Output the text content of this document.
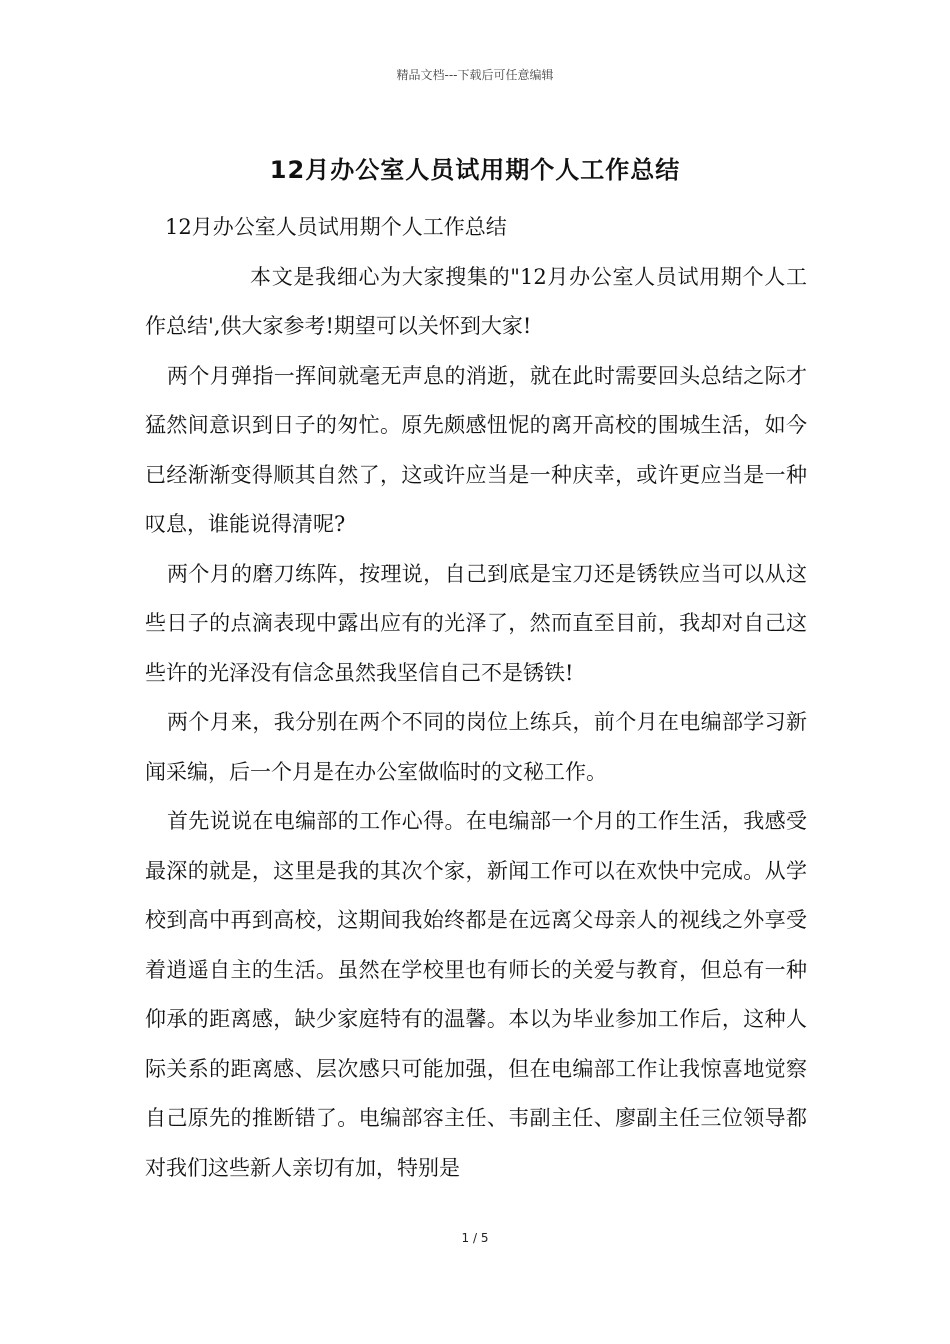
精品文档---下载后可任意编辑
12月办公室人员试用期个人工作总结

12月办公室人员试用期个人工作总结

本文是我细心为大家搜集的"12月办公室人员试用期个人工作总结',供大家参考!期望可以关怀到大家!

两个月弹指一挥间就毫无声息的消逝，就在此时需要回头总结之际才猛然间意识到日子的匆忙。原先颇感忸怩的离开高校的围城生活，如今已经渐渐变得顺其自然了，这或许应当是一种庆幸，或许更应当是一种叹息，谁能说得清呢?

两个月的磨刀练阵，按理说，自己到底是宝刀还是锈铁应当可以从这些日子的点滴表现中露出应有的光泽了，然而直至目前，我却对自己这些许的光泽没有信念虽然我坚信自己不是锈铁!

两个月来，我分别在两个不同的岗位上练兵，前个月在电编部学习新闻采编，后一个月是在办公室做临时的文秘工作。

首先说说在电编部的工作心得。在电编部一个月的工作生活，我感受最深的就是，这里是我的其次个家，新闻工作可以在欢快中完成。从学校到高中再到高校，这期间我始终都是在远离父母亲人的视线之外享受着逍遥自主的生活。虽然在学校里也有师长的关爱与教育，但总有一种仰承的距离感，缺少家庭特有的温馨。本以为毕业参加工作后，这种人际关系的距离感、层次感只可能加强，但在电编部工作让我惊喜地觉察自己原先的推断错了。电编部容主任、韦副主任、廖副主任三位领导都对我们这些新人亲切有加，特别是

1 / 5
